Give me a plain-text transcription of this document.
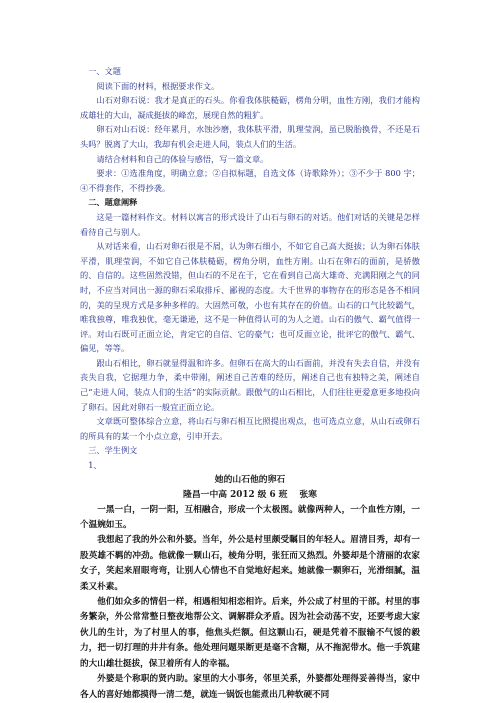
一、文题

阅读下面的材料，根据要求作文。

山石对卵石说：我才是真正的石头。你看我体肤糙砺，楞角分明，血性方刚，我们才能构成雄壮的大山，凝成挺拔的峰峦，展现自然的粗犷。

卵石对山石说：经年累月，水蚀沙磨，我体肤平滑，肌理莹润，虽已脱胎换骨，不还是石头吗？脱离了大山，我却有机会走进人间，装点人们的生活。

请结合材料和自己的体验与感悟，写一篇文章。

要求：①选准角度，明确立意；②自拟标题，自选文体（诗歌除外）；③不少于 800 字；④不得套作，不得抄袭。

二、题意阐释

这是一篇材料作文。材料以寓言的形式设计了山石与卵石的对话。他们对话的关键是怎样看待自己与别人。

从对话来看，山石对卵石很是不屑，认为卵石细小，不如它自己高大挺拔；认为卵石体肤平滑，肌理莹润，不如它自己体肤糙砺，楞角分明，血性方刚。山石在卵石的面前，是骄傲的、自信的。这些固然没错，但山石的不足在于，它在看到自己高大雄奇、充满阳刚之气的同时，不应当对同出一源的卵石采取排斥、鄙视的态度。大千世界的事物存在的形态是各不相同的，美的呈现方式是多种多样的。大固然可敬，小也有其存在的价值。山石的口气比较霸气，唯我独尊，唯我独优，毫无谦逊，这不是一种值得认可的为人之道。山石的傲气、霸气值得一评。对山石既可正面立论，肯定它的自信、它的豪气；也可反面立论，批评它的傲气、霸气、偏见，等等。

跟山石相比，卵石就显得温和许多。但卵石在高大的山石面前，并没有失去自信，并没有丧失自我，它据理力争，柔中带刚，阐述自己苦难的经历，阐述自己也有独特之美，阐述自己“走进人间，装点人们的生活”的实际贡献。跟傲气的山石相比，人们往往更爱意更多地投向了卵石。因此对卵石一般宜正面立论。

文章既可整体综合立意，将山石与卵石相互比照提出观点，也可选点立意，从山石或卵石的所具有的某一个小点立意，引申开去。

三、学生例文

1、

她的山石他的卵石

隆昌一中高 2012 级 6 班　 张寒

一黑一白，一阴一阳，互相融合，形成一个太极图。就像两种人，一个血性方刚，一个温婉如玉。

我想起了我的外公和外婆。当年，外公是村里颇受瞩目的年轻人。眉清目秀，却有一股英雄不羁的冲劲。他就像一颗山石，棱角分明，张狂而又热烈。外婆却是个清丽的农家女子，笑起来眉眼弯弯，让别人心情也不自觉地好起来。她就像一颗卵石，光滑细腻，温柔又朴素。

他们如众多的情侣一样，相遇相知相恋相许。后来，外公成了村里的干部。村里的事务繁杂，外公常常整日整夜地帮公文、调解群众矛盾。因为社会动荡不安，还要考虑大家伙儿的生计，为了村里人的事，他焦头烂额。但这颗山石，硬是凭着不服输不气馁的毅力，把一切打理的井井有条。他处理问题果断更是毫不含糊，从不拖泥带水。他一手筑建的大山雄壮挺拔，保卫着所有人的幸福。

外婆是个称职的贤内助。家里的大小事务，邻里关系，外婆都处理得妥善得当，家中各人的喜好她都摸得一清二楚，就连一锅饭也能煮出几种软硬不同
